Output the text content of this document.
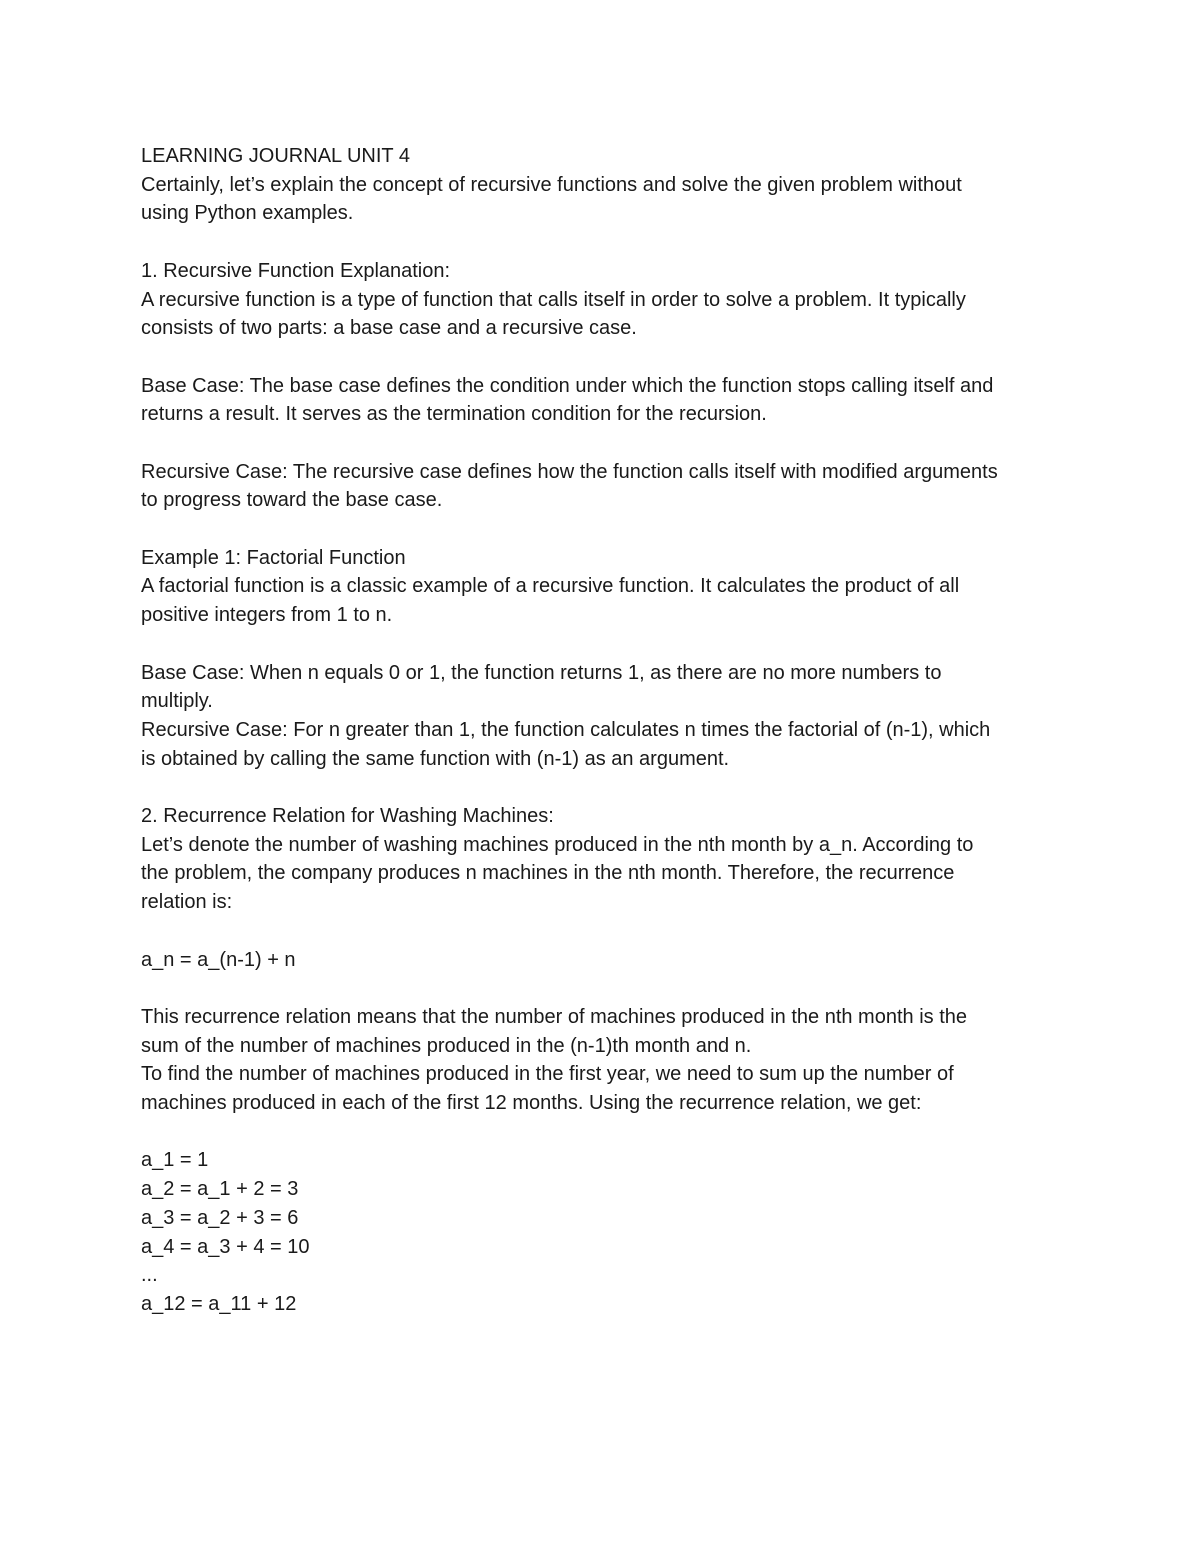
LEARNING JOURNAL UNIT 4
Certainly, let’s explain the concept of recursive functions and solve the given problem without
using Python examples.
1. Recursive Function Explanation:
A recursive function is a type of function that calls itself in order to solve a problem. It typically
consists of two parts: a base case and a recursive case.
Base Case: The base case defines the condition under which the function stops calling itself and
returns a result. It serves as the termination condition for the recursion.
Recursive Case: The recursive case defines how the function calls itself with modified arguments
to progress toward the base case.
Example 1: Factorial Function
A factorial function is a classic example of a recursive function. It calculates the product of all
positive integers from 1 to n.
Base Case: When n equals 0 or 1, the function returns 1, as there are no more numbers to
multiply.
Recursive Case: For n greater than 1, the function calculates n times the factorial of (n-1), which
is obtained by calling the same function with (n-1) as an argument.
2. Recurrence Relation for Washing Machines:
Let’s denote the number of washing machines produced in the nth month by a_n. According to
the problem, the company produces n machines in the nth month. Therefore, the recurrence
relation is:
a_n = a_(n-1) + n
This recurrence relation means that the number of machines produced in the nth month is the
sum of the number of machines produced in the (n-1)th month and n.
To find the number of machines produced in the first year, we need to sum up the number of
machines produced in each of the first 12 months. Using the recurrence relation, we get:
a_1 = 1
a_2 = a_1 + 2 = 3
a_3 = a_2 + 3 = 6
a_4 = a_3 + 4 = 10
...
a_12 = a_11 + 12
